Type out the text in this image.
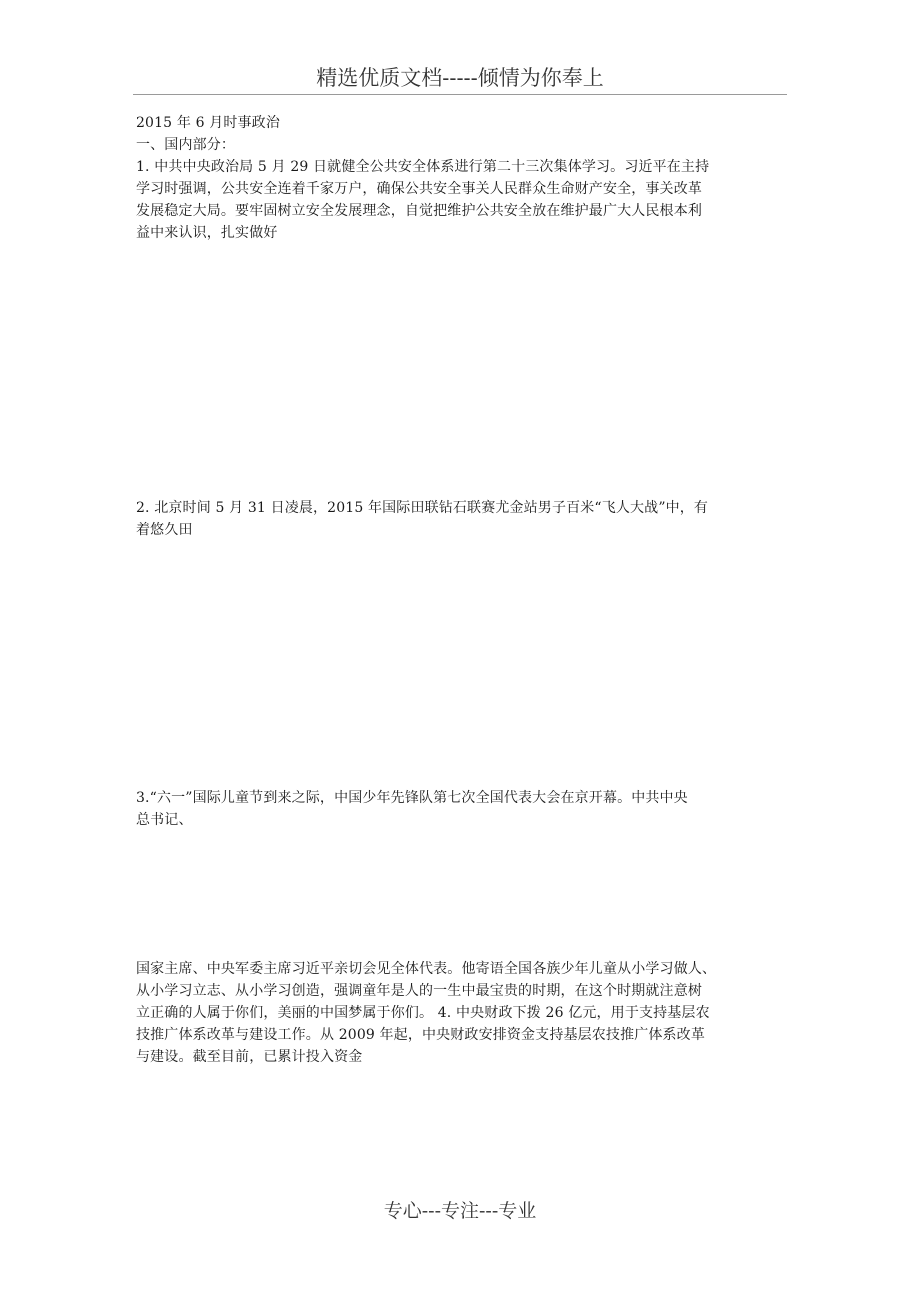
精选优质文档-----倾情为你奉上
2015 年 6 月时事政治
一、国内部分：
1. 中共中央政治局 5 月 29 日就健全公共安全体系进行第二十三次集体学习。习近平在主持
学习时强调，公共安全连着千家万户，确保公共安全事关人民群众生命财产安全，事关改革
发展稳定大局。要牢固树立安全发展理念，自觉把维护公共安全放在维护最广大人民根本利
益中来认识，扎实做好
2. 北京时间 5 月 31 日凌晨，2015 年国际田联钻石联赛尤金站男子百米“飞人大战”中，有
着悠久田
3.“六一”国际儿童节到来之际，中国少年先锋队第七次全国代表大会在京开幕。中共中央
总书记、
国家主席、中央军委主席习近平亲切会见全体代表。他寄语全国各族少年儿童从小学习做人、
从小学习立志、从小学习创造，强调童年是人的一生中最宝贵的时期，在这个时期就注意树
立正确的人属于你们，美丽的中国梦属于你们。 4. 中央财政下拨 26 亿元，用于支持基层农
技推广体系改革与建设工作。从 2009 年起，中央财政安排资金支持基层农技推广体系改革
与建设。截至目前，已累计投入资金
专心---专注---专业
